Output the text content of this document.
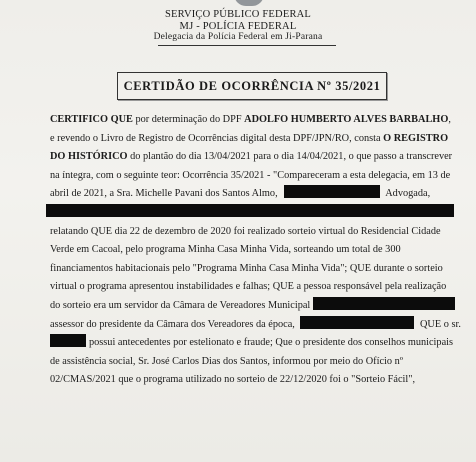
SERVIÇO PÚBLICO FEDERAL
MJ - POLÍCIA FEDERAL
Delegacia da Polícia Federal em Ji-Parana
CERTIDÃO DE OCORRÊNCIA Nº 35/2021
CERTIFICO QUE por determinação do DPF ADOLFO HUMBERTO ALVES BARBALHO,
e revendo o Livro de Registro de Ocorrências digital desta DPF/JPN/RO, consta O REGISTRO
DO HISTÓRICO do plantão do dia 13/04/2021 para o dia 14/04/2021, o que passo a transcrever
na íntegra, com o seguinte teor: Ocorrência 35/2021 - "Compareceram a esta delegacia, em 13 de
abril de 2021, a Sra. Michelle Pavani dos Santos Almo,	Advogada,
relatando QUE dia 22 de dezembro de 2020 foi realizado sorteio virtual do Residencial Cidade
Verde em Cacoal, pelo programa Minha Casa Minha Vida, sorteando um total de 300
financiamentos habitacionais pelo "Programa Minha Casa Minha Vida"; QUE durante o sorteio
virtual o programa apresentou instabilidades e falhas; QUE a pessoa responsável pela realização
do sorteio era um servidor da Câmara de Vereadores Municipal
assessor do presidente da Câmara dos Vereadores da época,	QUE o sr.
possui antecedentes por estelionato e fraude; Que o presidente dos conselhos municipais
de assistência social, Sr. José Carlos Dias dos Santos, informou por meio do Ofício nº
02/CMAS/2021 que o programa utilizado no sorteio de 22/12/2020 foi o "Sorteio Fácil",
